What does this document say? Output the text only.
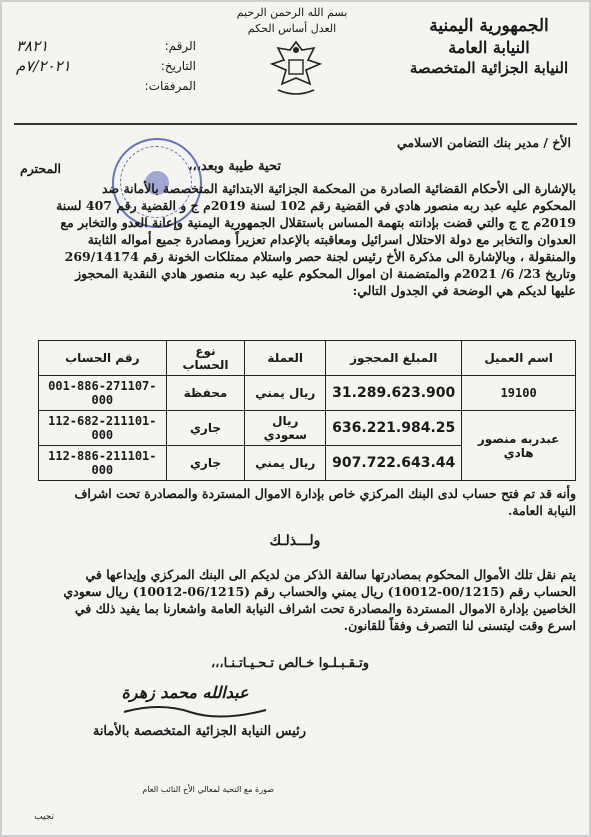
الجمهورية اليمنية
النيابة العامة
النيابة الجزائية المتخصصة
بسم الله الرحمن الرحيم
العدل أساس الحكم
الرقم:
٣٨٢١
التاريخ:
٧/٢٠٢١م
المرفقات:
الأخ / مدير بنك التضامن الاسلامي
المحترم	تحية طيبة وبعد،،،
بالإشارة الى الأحكام القضائية الصادرة من المحكمة الجزائية الابتدائية المتخصصة بالأمانة ضد
المحكوم عليه عبد ربه منصور هادي في القضية رقم 102 لسنة 2019م ج و القضية رقم 407 لسنة
2019م ج ج والتي قضت بإدانته بتهمة المساس باستقلال الجمهورية اليمنية وإعانة العدو والتخابر مع
العدوان والتخابر مع دولة الاحتلال اسرائيل ومعاقبته بالإعدام تعزيراً ومصادرة جميع أمواله الثابتة
والمنقولة ، وبالإشارة الى مذكرة الأخ رئيس لجنة حصر واستلام ممتلكات الخونة رقم 269/14174
وتاريخ 23/ 6/ 2021م والمتضمنة ان اموال المحكوم عليه عبد ربه منصور هادي النقدية المحجوز
عليها لديكم هي الوضحة في الجدول التالي:
اسم العميل	المبلغ المحجوز	العملة	نوع الحساب	رقم الحساب
19100	31.289.623.900	ريال يمني	محفظة	001-886-271107-000
عبدربه منصور هادي	636.221.984.25	ريال سعودي	جاري	112-682-211101-000
	907.722.643.44	ريال يمني	جاري	112-886-211101-000
وأنه قد تم فتح حساب لدى البنك المركزي خاص بإدارة الاموال المستردة والمصادرة تحت اشراف
النيابة العامة.
ولـــذلـك
يتم نقل تلك الأموال المحكوم بمصادرتها سالفة الذكر من لديكم الى البنك المركزي وإيداعها في
الحساب رقم (00/1215-10012) ريال يمني والحساب رقم (06/1215-10012) ريال سعودي
الخاصين بإدارة الاموال المستردة والمصادرة تحت اشراف النيابة العامة واشعارنا بما يفيد ذلك في
اسرع وقت ليتسنى لنا التصرف وفقاً للقانون.
وتـقـبـلـوا خـالص تـحـيـاتـنـا،،،
عبدالله محمد زهرة
رئيس النيابة الجزائية المتخصصة بالأمانة
صورة مع التحية لمعالي الأخ النائب العام
تجيب
